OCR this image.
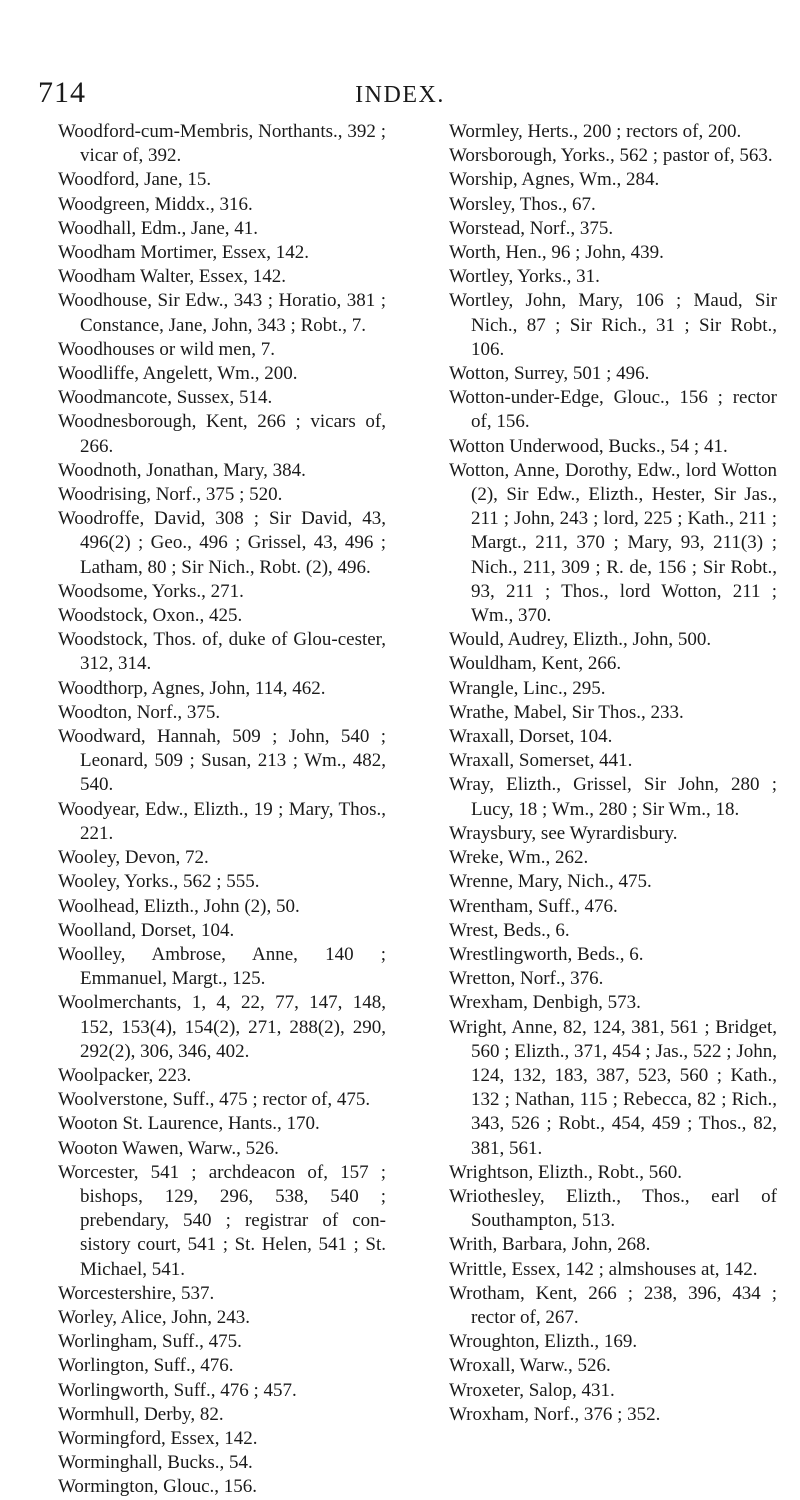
714	INDEX.
Woodford-cum-Membris, Northants., 392 ; vicar of, 392.
Woodford, Jane, 15.
Woodgreen, Middx., 316.
Woodhall, Edm., Jane, 41.
Woodham Mortimer, Essex, 142.
Woodham Walter, Essex, 142.
Woodhouse, Sir Edw., 343 ; Horatio, 381 ; Constance, Jane, John, 343 ; Robt., 7.
Woodhouses or wild men, 7.
Woodliffe, Angelett, Wm., 200.
Woodmancote, Sussex, 514.
Woodnesborough, Kent, 266 ; vicars of, 266.
Woodnoth, Jonathan, Mary, 384.
Woodrising, Norf., 375 ; 520.
Woodroffe, David, 308 ; Sir David, 43, 496(2) ; Geo., 496 ; Grissel, 43, 496 ; Latham, 80 ; Sir Nich., Robt. (2), 496.
Woodsome, Yorks., 271.
Woodstock, Oxon., 425.
Woodstock, Thos. of, duke of Glou-cester, 312, 314.
Woodthorp, Agnes, John, 114, 462.
Woodton, Norf., 375.
Woodward, Hannah, 509 ; John, 540 ; Leonard, 509 ; Susan, 213 ; Wm., 482, 540.
Woodyear, Edw., Elizth., 19 ; Mary, Thos., 221.
Wooley, Devon, 72.
Wooley, Yorks., 562 ; 555.
Woolhead, Elizth., John (2), 50.
Woolland, Dorset, 104.
Woolley, Ambrose, Anne, 140 ; Emmanuel, Margt., 125.
Woolmerchants, 1, 4, 22, 77, 147, 148, 152, 153(4), 154(2), 271, 288(2), 290, 292(2), 306, 346, 402.
Woolpacker, 223.
Woolverstone, Suff., 475 ; rector of, 475.
Wooton St. Laurence, Hants., 170.
Wooton Wawen, Warw., 526.
Worcester, 541 ; archdeacon of, 157 ; bishops, 129, 296, 538, 540 ; prebendary, 540 ; registrar of con-sistory court, 541 ; St. Helen, 541 ; St. Michael, 541.
Worcestershire, 537.
Worley, Alice, John, 243.
Worlingham, Suff., 475.
Worlington, Suff., 476.
Worlingworth, Suff., 476 ; 457.
Wormhull, Derby, 82.
Wormingford, Essex, 142.
Worminghall, Bucks., 54.
Wormington, Glouc., 156.
Wormley, Herts., 200 ; rectors of, 200.
Worsborough, Yorks., 562 ; pastor of, 563.
Worship, Agnes, Wm., 284.
Worsley, Thos., 67.
Worstead, Norf., 375.
Worth, Hen., 96 ; John, 439.
Wortley, Yorks., 31.
Wortley, John, Mary, 106 ; Maud, Sir Nich., 87 ; Sir Rich., 31 ; Sir Robt., 106.
Wotton, Surrey, 501 ; 496.
Wotton-under-Edge, Glouc., 156 ; rector of, 156.
Wotton Underwood, Bucks., 54 ; 41.
Wotton, Anne, Dorothy, Edw., lord Wotton (2), Sir Edw., Elizth., Hester, Sir Jas., 211 ; John, 243 ; lord, 225 ; Kath., 211 ; Margt., 211, 370 ; Mary, 93, 211(3) ; Nich., 211, 309 ; R. de, 156 ; Sir Robt., 93, 211 ; Thos., lord Wotton, 211 ; Wm., 370.
Would, Audrey, Elizth., John, 500.
Wouldham, Kent, 266.
Wrangle, Linc., 295.
Wrathe, Mabel, Sir Thos., 233.
Wraxall, Dorset, 104.
Wraxall, Somerset, 441.
Wray, Elizth., Grissel, Sir John, 280 ; Lucy, 18 ; Wm., 280 ; Sir Wm., 18.
Wraysbury, see Wyrardisbury.
Wreke, Wm., 262.
Wrenne, Mary, Nich., 475.
Wrentham, Suff., 476.
Wrest, Beds., 6.
Wrestlingworth, Beds., 6.
Wretton, Norf., 376.
Wrexham, Denbigh, 573.
Wright, Anne, 82, 124, 381, 561 ; Bridget, 560 ; Elizth., 371, 454 ; Jas., 522 ; John, 124, 132, 183, 387, 523, 560 ; Kath., 132 ; Nathan, 115 ; Rebecca, 82 ; Rich., 343, 526 ; Robt., 454, 459 ; Thos., 82, 381, 561.
Wrightson, Elizth., Robt., 560.
Wriothesley, Elizth., Thos., earl of Southampton, 513.
Writh, Barbara, John, 268.
Writtle, Essex, 142 ; almshouses at, 142.
Wrotham, Kent, 266 ; 238, 396, 434 ; rector of, 267.
Wroughton, Elizth., 169.
Wroxall, Warw., 526.
Wroxeter, Salop, 431.
Wroxham, Norf., 376 ; 352.
